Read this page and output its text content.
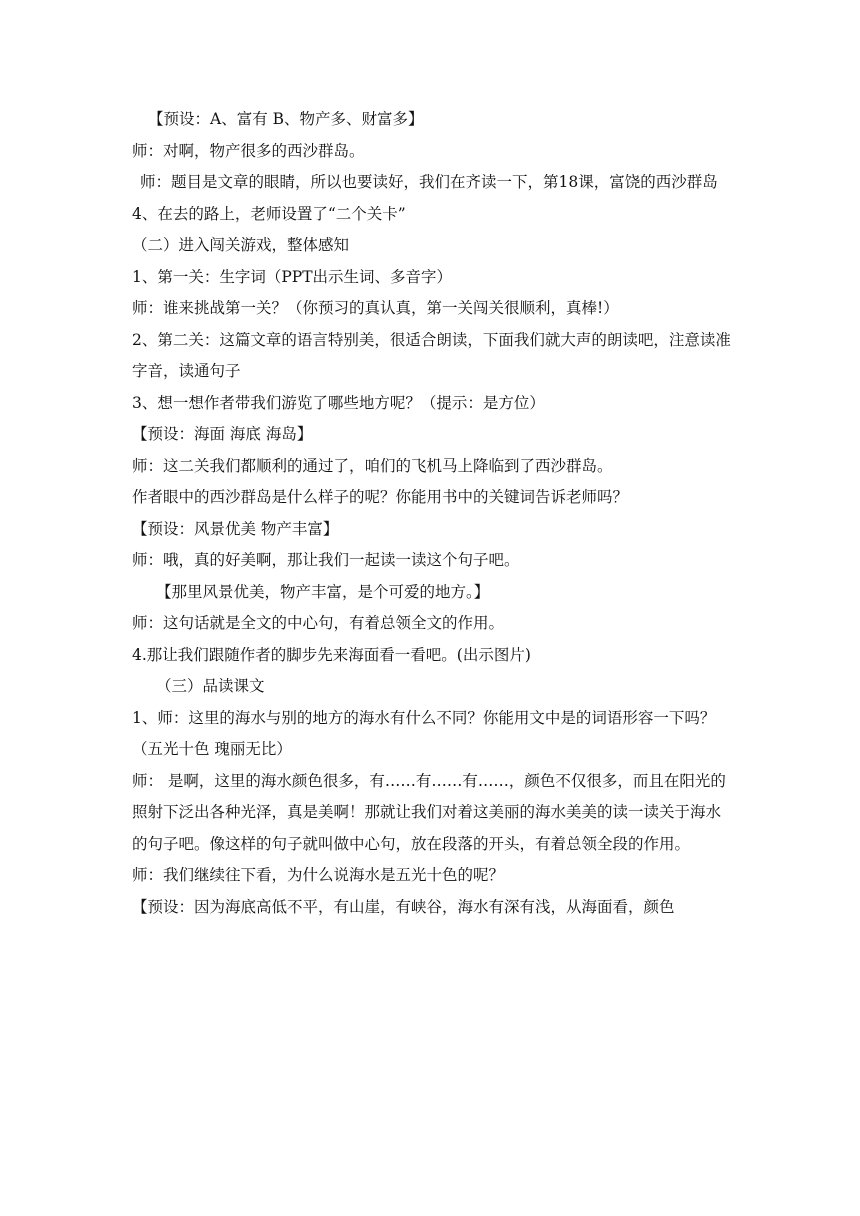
【预设：A、富有 B、物产多、财富多】

师：对啊，物产很多的西沙群岛。

师：题目是文章的眼睛，所以也要读好，我们在齐读一下，第18课，富饶的西沙群岛

4、在去的路上，老师设置了“二个关卡”

（二）进入闯关游戏，整体感知

1、第一关：生字词（PPT出示生词、多音字）

师：谁来挑战第一关？（你预习的真认真，第一关闯关很顺利，真棒!）

2、第二关：这篇文章的语言特别美，很适合朗读，下面我们就大声的朗读吧，注意读准字音，读通句子

3、想一想作者带我们游览了哪些地方呢？（提示：是方位）

【预设：海面 海底 海岛】

师：这二关我们都顺利的通过了，咱们的飞机马上降临到了西沙群岛。

作者眼中的西沙群岛是什么样子的呢？你能用书中的关键词告诉老师吗？

【预设：风景优美 物产丰富】

师：哦，真的好美啊，那让我们一起读一读这个句子吧。

【那里风景优美，物产丰富，是个可爱的地方。】

师：这句话就是全文的中心句，有着总领全文的作用。

4.那让我们跟随作者的脚步先来海面看一看吧。(出示图片)

（三）品读课文

1、师：这里的海水与别的地方的海水有什么不同？你能用文中是的词语形容一下吗？

（五光十色 瑰丽无比）

师： 是啊，这里的海水颜色很多，有……有……有……，颜色不仅很多，而且在阳光的照射下泛出各种光泽，真是美啊！那就让我们对着这美丽的海水美美的读一读关于海水的句子吧。像这样的句子就叫做中心句，放在段落的开头，有着总领全段的作用。

师：我们继续往下看，为什么说海水是五光十色的呢？

【预设：因为海底高低不平，有山崖，有峡谷，海水有深有浅，从海面看，颜色
